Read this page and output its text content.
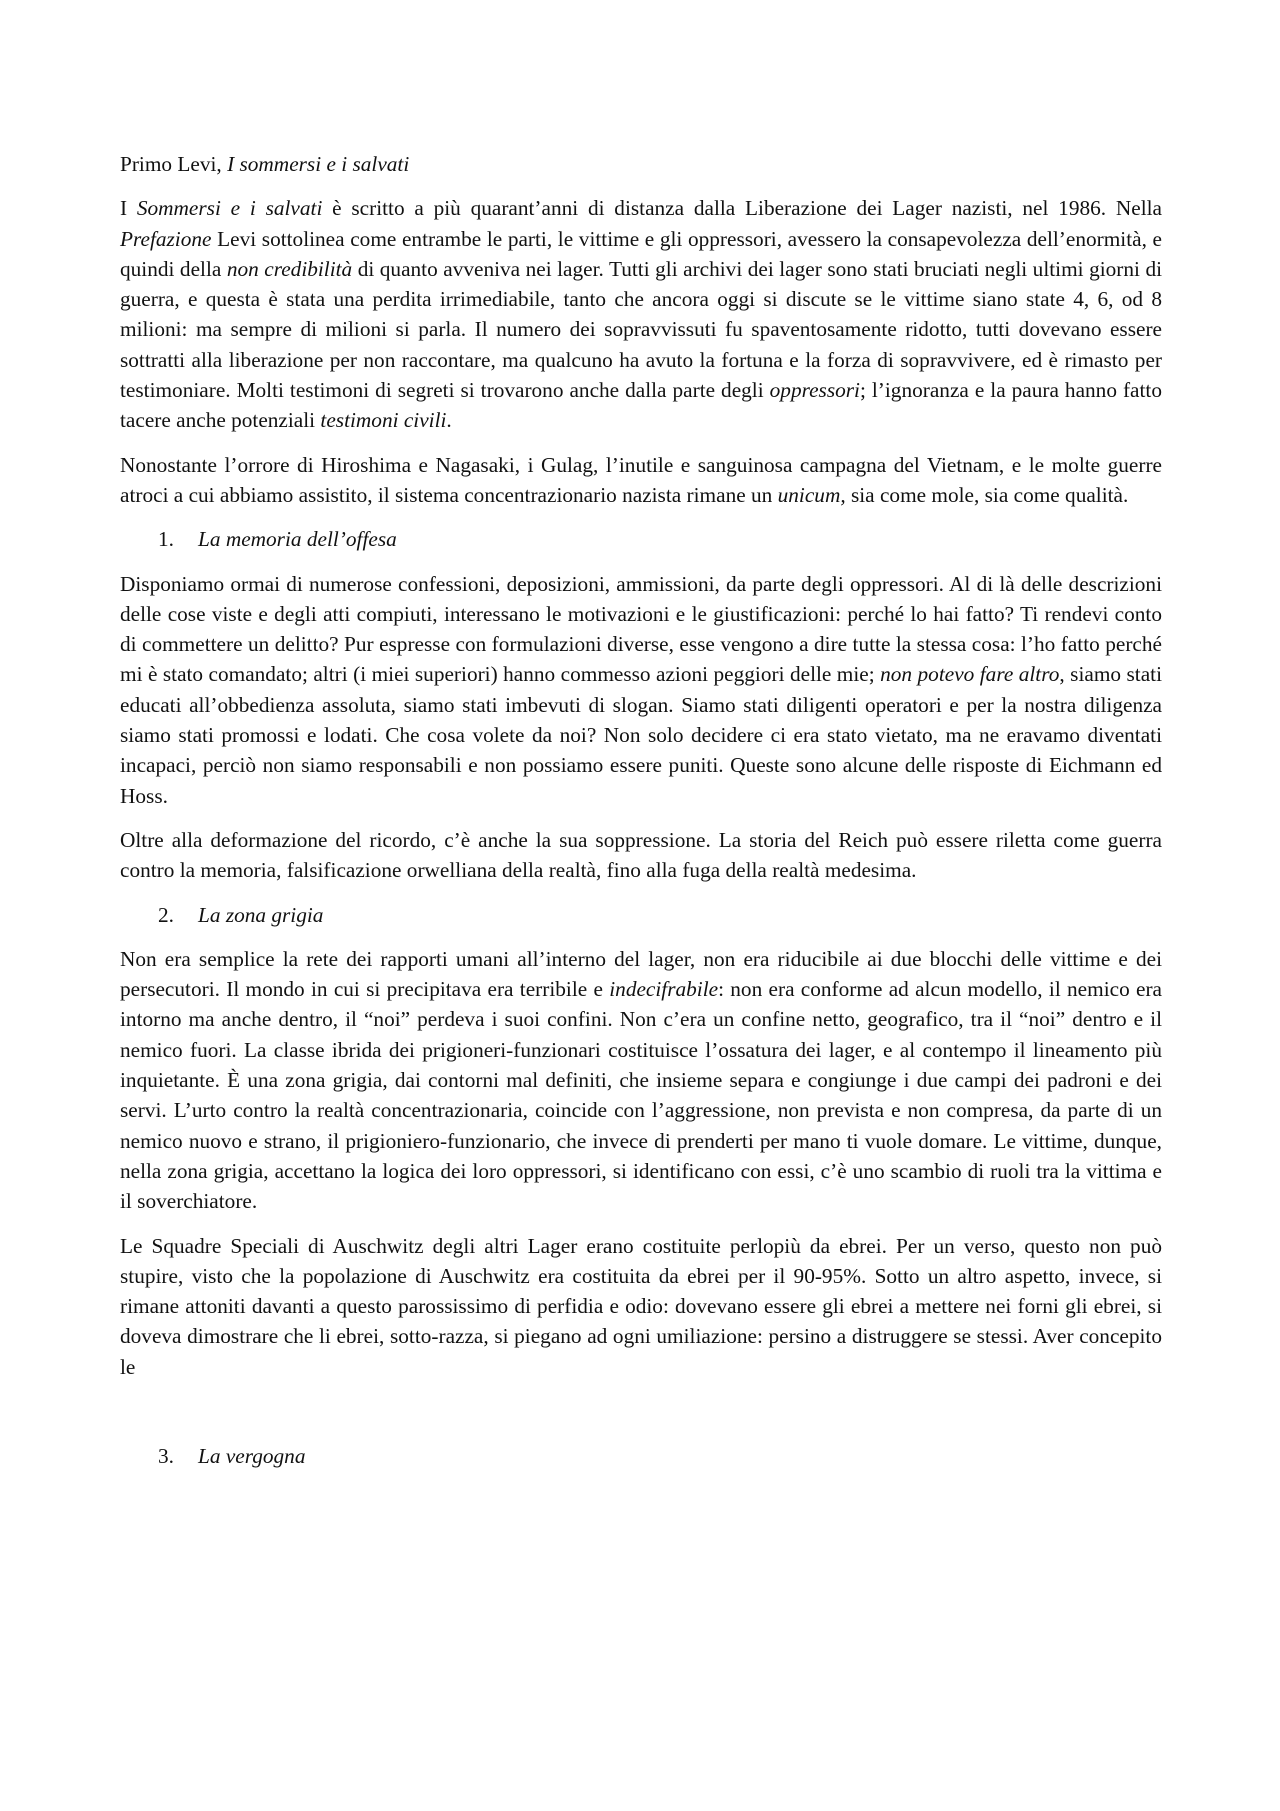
Primo Levi, I sommersi e i salvati

I Sommersi e i salvati è scritto a più quarant’anni di distanza dalla Liberazione dei Lager nazisti, nel 1986. Nella Prefazione Levi sottolinea come entrambe le parti, le vittime e gli oppressori, avessero la consapevolezza dell’enormità, e quindi della non credibilità di quanto avveniva nei lager. Tutti gli archivi dei lager sono stati bruciati negli ultimi giorni di guerra, e questa è stata una perdita irrimediabile, tanto che ancora oggi si discute se le vittime siano state 4, 6, od 8 milioni: ma sempre di milioni si parla. Il numero dei sopravvissuti fu spaventosamente ridotto, tutti dovevano essere sottratti alla liberazione per non raccontare, ma qualcuno ha avuto la fortuna e la forza di sopravvivere, ed è rimasto per testimoniare. Molti testimoni di segreti si trovarono anche dalla parte degli oppressori; l’ignoranza e la paura hanno fatto tacere anche potenziali testimoni civili.

Nonostante l’orrore di Hiroshima e Nagasaki, i Gulag, l’inutile e sanguinosa campagna del Vietnam, e le molte guerre atroci a cui abbiamo assistito, il sistema concentrazionario nazista rimane un unicum, sia come mole, sia come qualità.

1.	La memoria dell’offesa

Disponiamo ormai di numerose confessioni, deposizioni, ammissioni, da parte degli oppressori. Al di là delle descrizioni delle cose viste e degli atti compiuti, interessano le motivazioni e le giustificazioni: perché lo hai fatto? Ti rendevi conto di commettere un delitto? Pur espresse con formulazioni diverse, esse vengono a dire tutte la stessa cosa: l’ho fatto perché mi è stato comandato; altri (i miei superiori) hanno commesso azioni peggiori delle mie; non potevo fare altro, siamo stati educati all’obbedienza assoluta, siamo stati imbevuti di slogan. Siamo stati diligenti operatori e per la nostra diligenza siamo stati promossi e lodati. Che cosa volete da noi? Non solo decidere ci era stato vietato, ma ne eravamo diventati incapaci, perciò non siamo responsabili e non possiamo essere puniti. Queste sono alcune delle risposte di Eichmann ed Hoss.

Oltre alla deformazione del ricordo, c’è anche la sua soppressione. La storia del Reich può essere riletta come guerra contro la memoria, falsificazione orwelliana della realtà, fino alla fuga della realtà medesima.

2.	La zona grigia

Non era semplice la rete dei rapporti umani all’interno del lager, non era riducibile ai due blocchi delle vittime e dei persecutori. Il mondo in cui si precipitava era terribile e indecifrabile: non era conforme ad alcun modello, il nemico era intorno ma anche dentro, il “noi” perdeva i suoi confini. Non c’era un confine netto, geografico, tra il “noi” dentro e il nemico fuori. La classe ibrida dei prigioneri-funzionari costituisce l’ossatura dei lager, e al contempo il lineamento più inquietante. È una zona grigia, dai contorni mal definiti, che insieme separa e congiunge i due campi dei padroni e dei servi. L’urto contro la realtà concentrazionaria, coincide con l’aggressione, non prevista e non compresa, da parte di un nemico nuovo e strano, il prigioniero-funzionario, che invece di prenderti per mano ti vuole domare. Le vittime, dunque, nella zona grigia, accettano la logica dei loro oppressori, si identificano con essi, c’è uno scambio di ruoli tra la vittima e il soverchiatore.

Le Squadre Speciali di Auschwitz degli altri Lager erano costituite perlopiù da ebrei. Per un verso, questo non può stupire, visto che la popolazione di Auschwitz era costituita da ebrei per il 90-95%. Sotto un altro aspetto, invece, si rimane attoniti davanti a questo parossissimo di perfidia e odio: dovevano essere gli ebrei a mettere nei forni gli ebrei, si doveva dimostrare che li ebrei, sotto-razza, si piegano ad ogni umiliazione: persino a distruggere se stessi. Aver concepito le

3.	La vergogna
